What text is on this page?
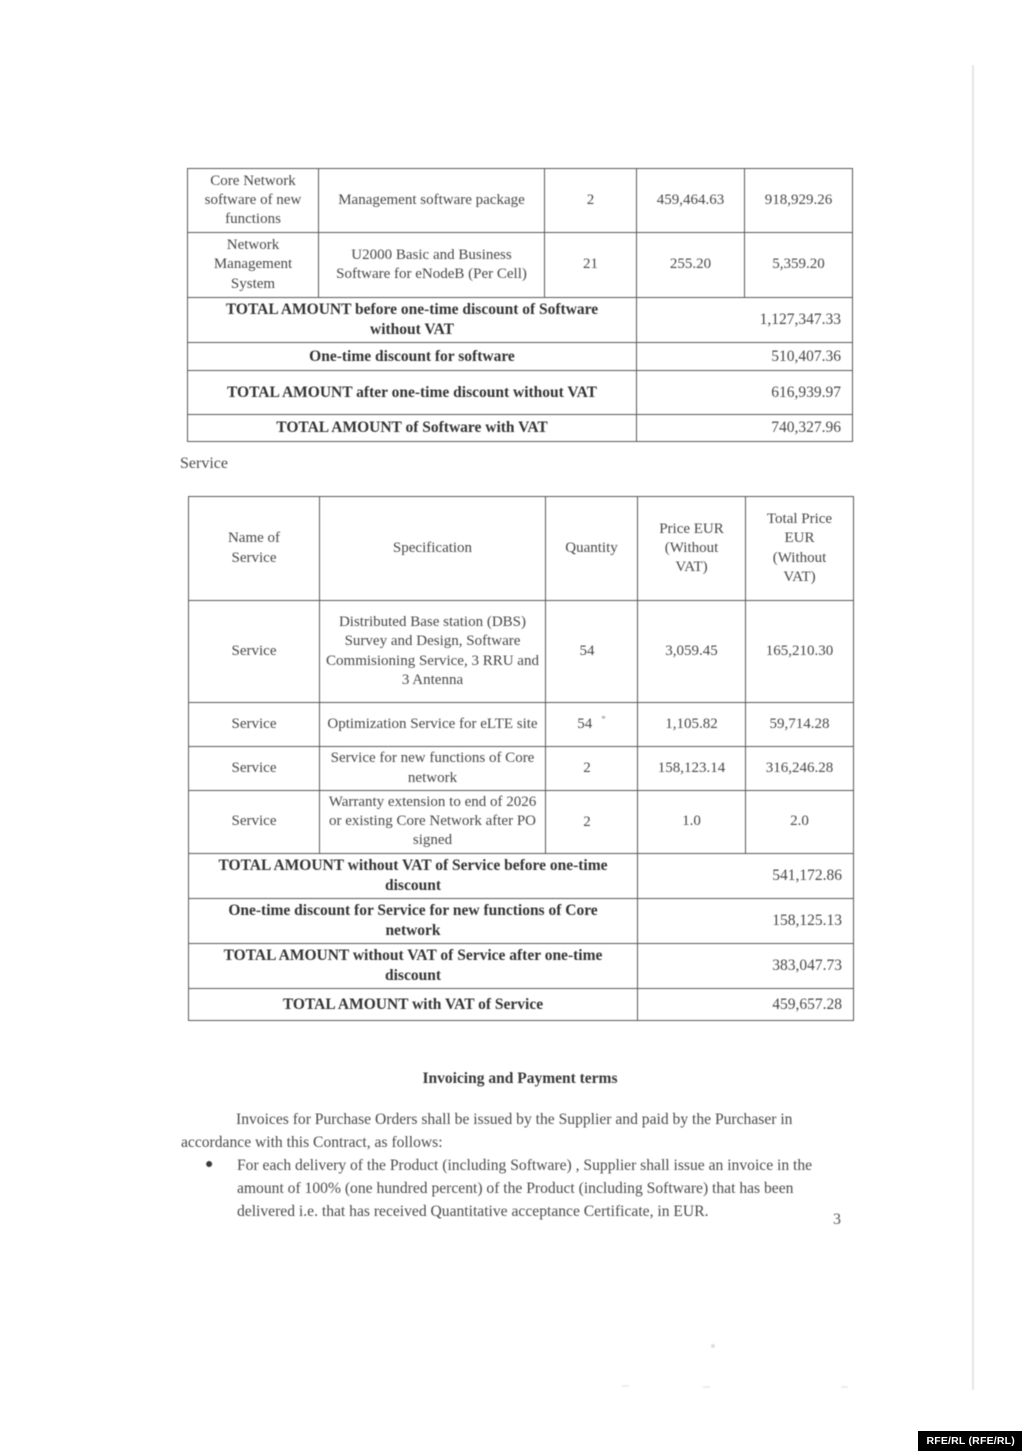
Core Network software of new functions	Management software package	2	459,464.63	918,929.26
Network Management System	U2000 Basic and Business Software for eNodeB (Per Cell)	21	255.20	5,359.20
TOTAL AMOUNT before one-time discount of Software without VAT			1,127,347.33	
One-time discount for software			510,407.36	
TOTAL AMOUNT after one-time discount without VAT			616,939.97	
TOTAL AMOUNT of Software with VAT			740,327.96	
Service
Name of Service	Specification	Quantity	Price EUR (Without VAT)	Total Price EUR (Without VAT)
Service	Distributed Base station (DBS) Survey and Design, Software Commisioning Service, 3 RRU and 3 Antenna	54	3,059.45	165,210.30
Service	Optimization Service for eLTE site	54 *	1,105.82	59,714.28
Service	Service for new functions of Core network	2	158,123.14	316,246.28
Service	Warranty extension to end of 2026 or existing Core Network after PO signed	2	1.0	2.0
TOTAL AMOUNT without VAT of Service before one-time discount			541,172.86	
One-time discount for Service for new functions of Core network			158,125.13	
TOTAL AMOUNT without VAT of Service after one-time discount			383,047.73	
TOTAL AMOUNT with VAT of Service			459,657.28	
Invoicing and Payment terms

Invoices for Purchase Orders shall be issued by the Supplier and paid by the Purchaser in accordance with this Contract, as follows:

● For each delivery of the Product (including Software) , Supplier shall issue an invoice in the amount of 100% (one hundred percent) of the Product (including Software) that has been delivered i.e. that has received Quantitative acceptance Certificate, in EUR.	3
RFE/RL (RFE/RL)
